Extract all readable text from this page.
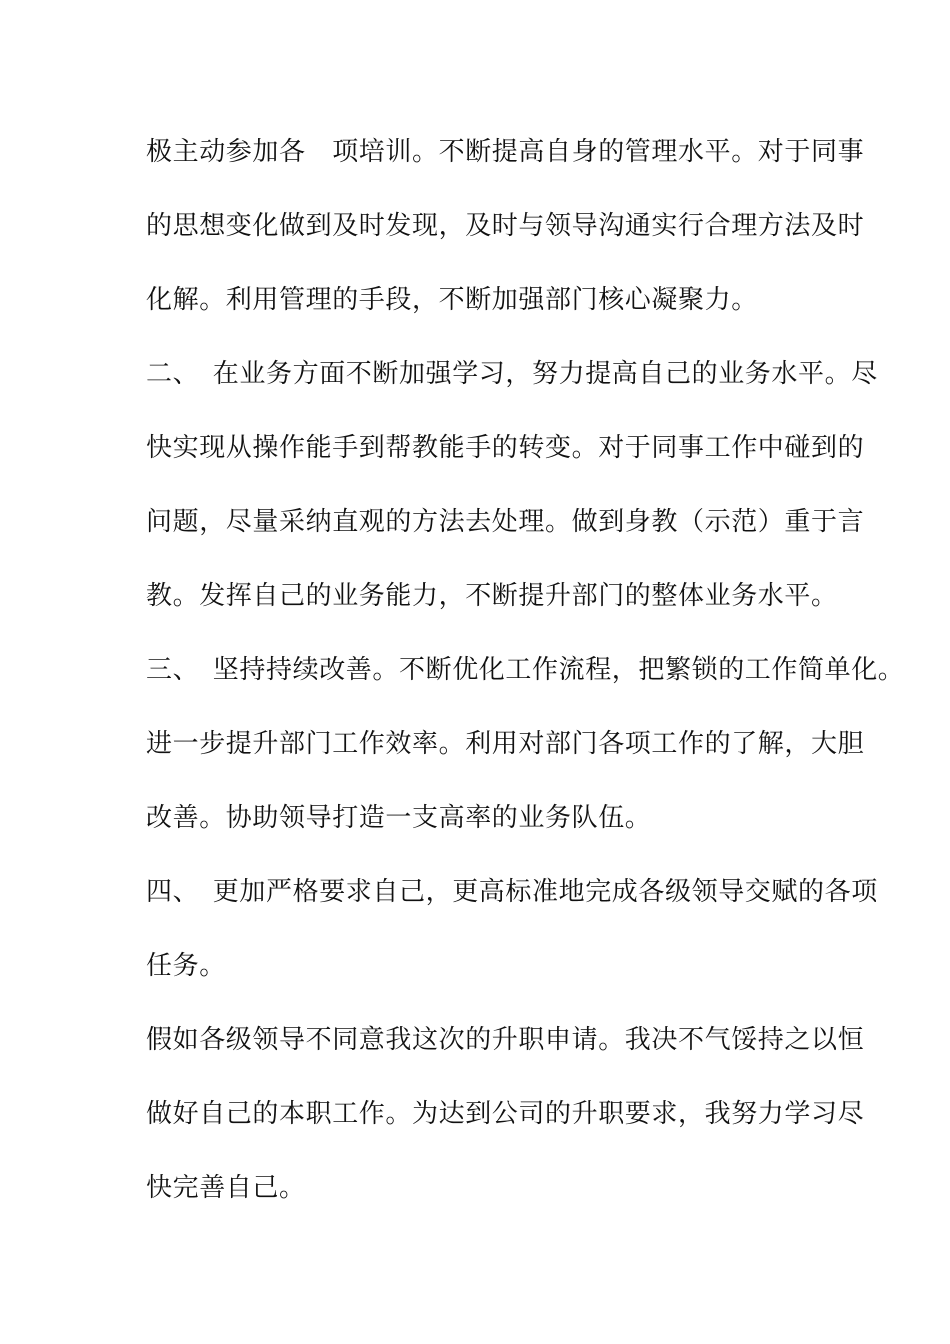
极主动参加各　项培训。不断提高自身的管理水平。对于同事
的思想变化做到及时发现，及时与领导沟通实行合理方法及时
化解。利用管理的手段，不断加强部门核心凝聚力。
二、　在业务方面不断加强学习，努力提高自己的业务水平。尽
快实现从操作能手到帮教能手的转变。对于同事工作中碰到的
问题，尽量采纳直观的方法去处理。做到身教（示范）重于言
教。发挥自己的业务能力，不断提升部门的整体业务水平。
三、　坚持持续改善。不断优化工作流程，把繁锁的工作简单化。
进一步提升部门工作效率。利用对部门各项工作的了解，大胆
改善。协助领导打造一支高率的业务队伍。
四、　更加严格要求自己，更高标准地完成各级领导交赋的各项
任务。
假如各级领导不同意我这次的升职申请。我决不气馁持之以恒
做好自己的本职工作。为达到公司的升职要求，我努力学习尽
快完善自己。
